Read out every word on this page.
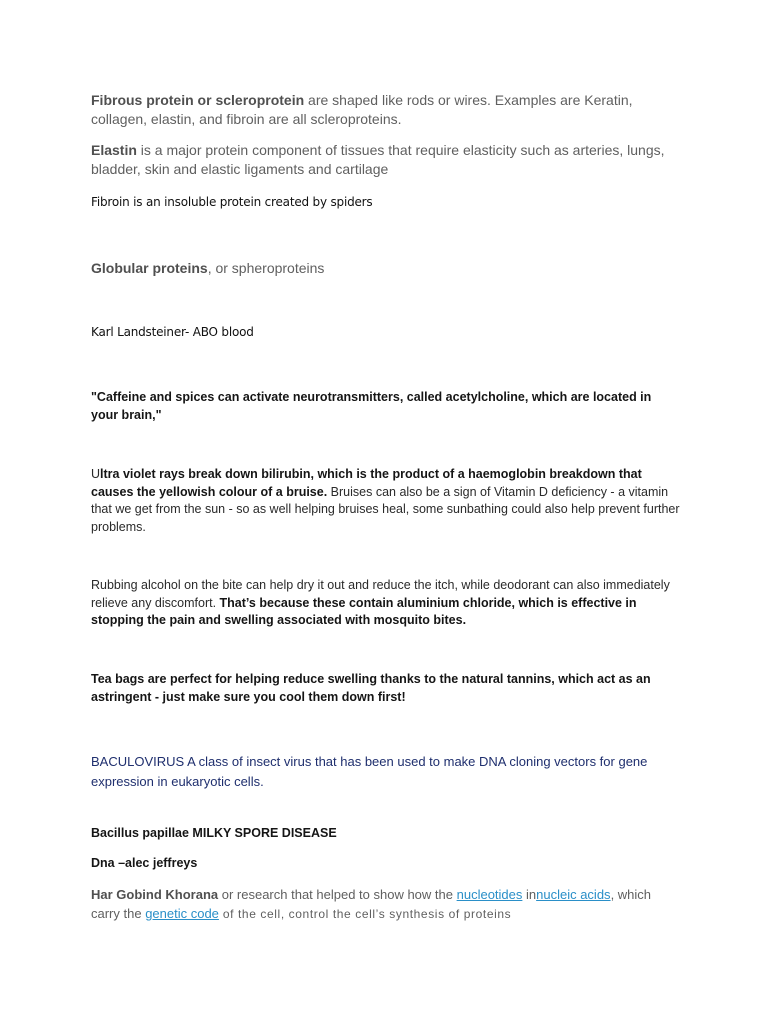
Fibrous protein or scleroprotein are shaped like rods or wires. Examples are Keratin, collagen, elastin, and fibroin are all scleroproteins.

Elastin is a major protein component of tissues that require elasticity such as arteries, lungs, bladder, skin and elastic ligaments and cartilage

Fibroin is an insoluble protein created by spiders

Globular proteins, or spheroproteins

Karl Landsteiner- ABO blood

"Caffeine and spices can activate neurotransmitters, called acetylcholine, which are located in your brain,"

Ultra violet rays break down bilirubin, which is the product of a haemoglobin breakdown that causes the yellowish colour of a bruise. Bruises can also be a sign of Vitamin D deficiency - a vitamin that we get from the sun - so as well helping bruises heal, some sunbathing could also help prevent further problems.

Rubbing alcohol on the bite can help dry it out and reduce the itch, while deodorant can also immediately relieve any discomfort. That’s because these contain aluminium chloride, which is effective in stopping the pain and swelling associated with mosquito bites.

Tea bags are perfect for helping reduce swelling thanks to the natural tannins, which act as an astringent - just make sure you cool them down first!

BACULOVIRUS A class of insect virus that has been used to make DNA cloning vectors for gene expression in eukaryotic cells.

Bacillus papillae MILKY SPORE DISEASE

Dna –alec jeffreys

Har Gobind Khorana or research that helped to show how the nucleotides innucleic acids, which carry the genetic code of the cell, control the cell’s synthesis of proteins
